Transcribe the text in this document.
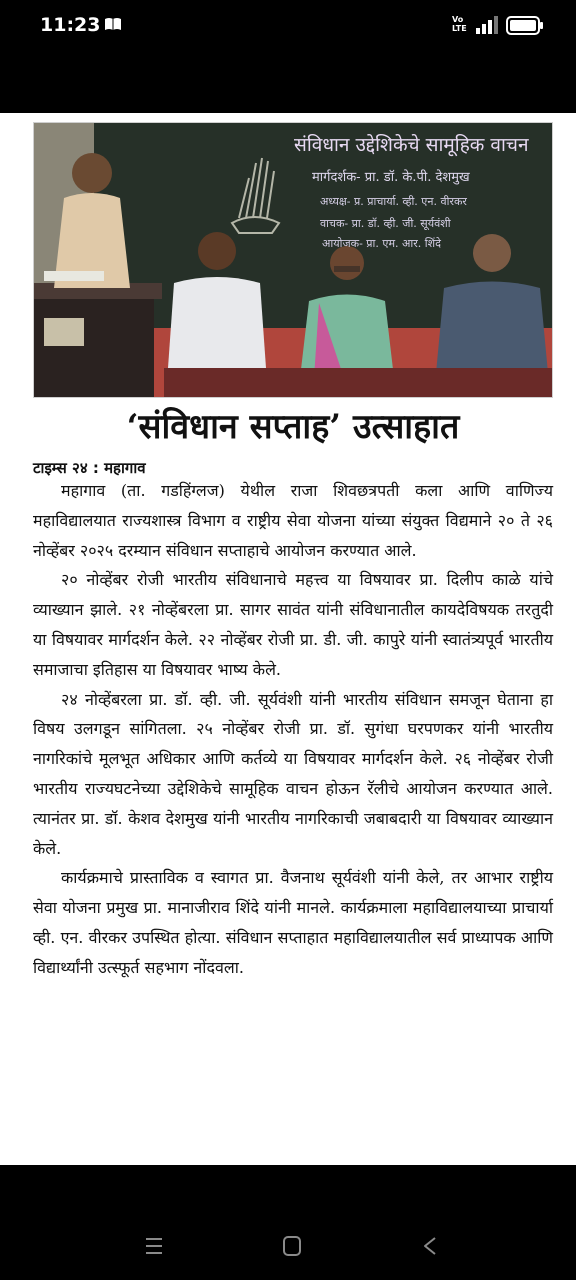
11:23	Vo
LTE
संविधान उद्देशिकेचे सामूहिक वाचन
मार्गदर्शक- प्रा. डॉ. के.पी. देशमुख
अध्यक्ष- प्र. प्राचार्या. व्ही. एन. वीरकर
वाचक- प्रा. डॉ. व्ही. जी. सूर्यवंशी
आयोजक- प्रा. एम. आर. शिंदे
‘संविधान सप्ताह’ उत्साहात
टाइम्स २४ : महागाव

महागाव (ता. गडहिंग्लज) येथील राजा शिवछत्रपती कला आणि वाणिज्य महाविद्यालयात राज्यशास्त्र विभाग व राष्ट्रीय सेवा योजना यांच्या संयुक्त विद्यमाने २० ते २६ नोव्हेंबर २०२५ दरम्यान संविधान सप्ताहाचे आयोजन करण्यात आले.

२० नोव्हेंबर रोजी भारतीय संविधानाचे महत्त्व या विषयावर प्रा. दिलीप काळे यांचे व्याख्यान झाले. २१ नोव्हेंबरला प्रा. सागर सावंत यांनी संविधानातील कायदेविषयक तरतुदी या विषयावर मार्गदर्शन केले. २२ नोव्हेंबर रोजी प्रा. डी. जी. कापुरे यांनी स्वातंत्र्यपूर्व भारतीय समाजाचा इतिहास या विषयावर भाष्य केले.

२४ नोव्हेंबरला प्रा. डॉ. व्ही. जी. सूर्यवंशी यांनी भारतीय संविधान समजून घेताना हा विषय उलगडून सांगितला. २५ नोव्हेंबर रोजी प्रा. डॉ. सुगंधा घरपणकर यांनी भारतीय नागरिकांचे मूलभूत अधिकार आणि कर्तव्ये या विषयावर मार्गदर्शन केले. २६ नोव्हेंबर रोजी भारतीय राज्यघटनेच्या उद्देशिकेचे सामूहिक वाचन होऊन रॅलीचे आयोजन करण्यात आले. त्यानंतर प्रा. डॉ. केशव देशमुख यांनी भारतीय नागरिकाची जबाबदारी या विषयावर व्याख्यान केले.

कार्यक्रमाचे प्रास्ताविक व स्वागत प्रा. वैजनाथ सूर्यवंशी यांनी केले, तर आभार राष्ट्रीय सेवा योजना प्रमुख प्रा. मानाजीराव शिंदे यांनी मानले. कार्यक्रमाला महाविद्यालयाच्या प्राचार्या व्ही. एन. वीरकर उपस्थित होत्या. संविधान सप्ताहात महाविद्यालयातील सर्व प्राध्यापक आणि विद्यार्थ्यांनी उत्स्फूर्त सहभाग नोंदवला.
